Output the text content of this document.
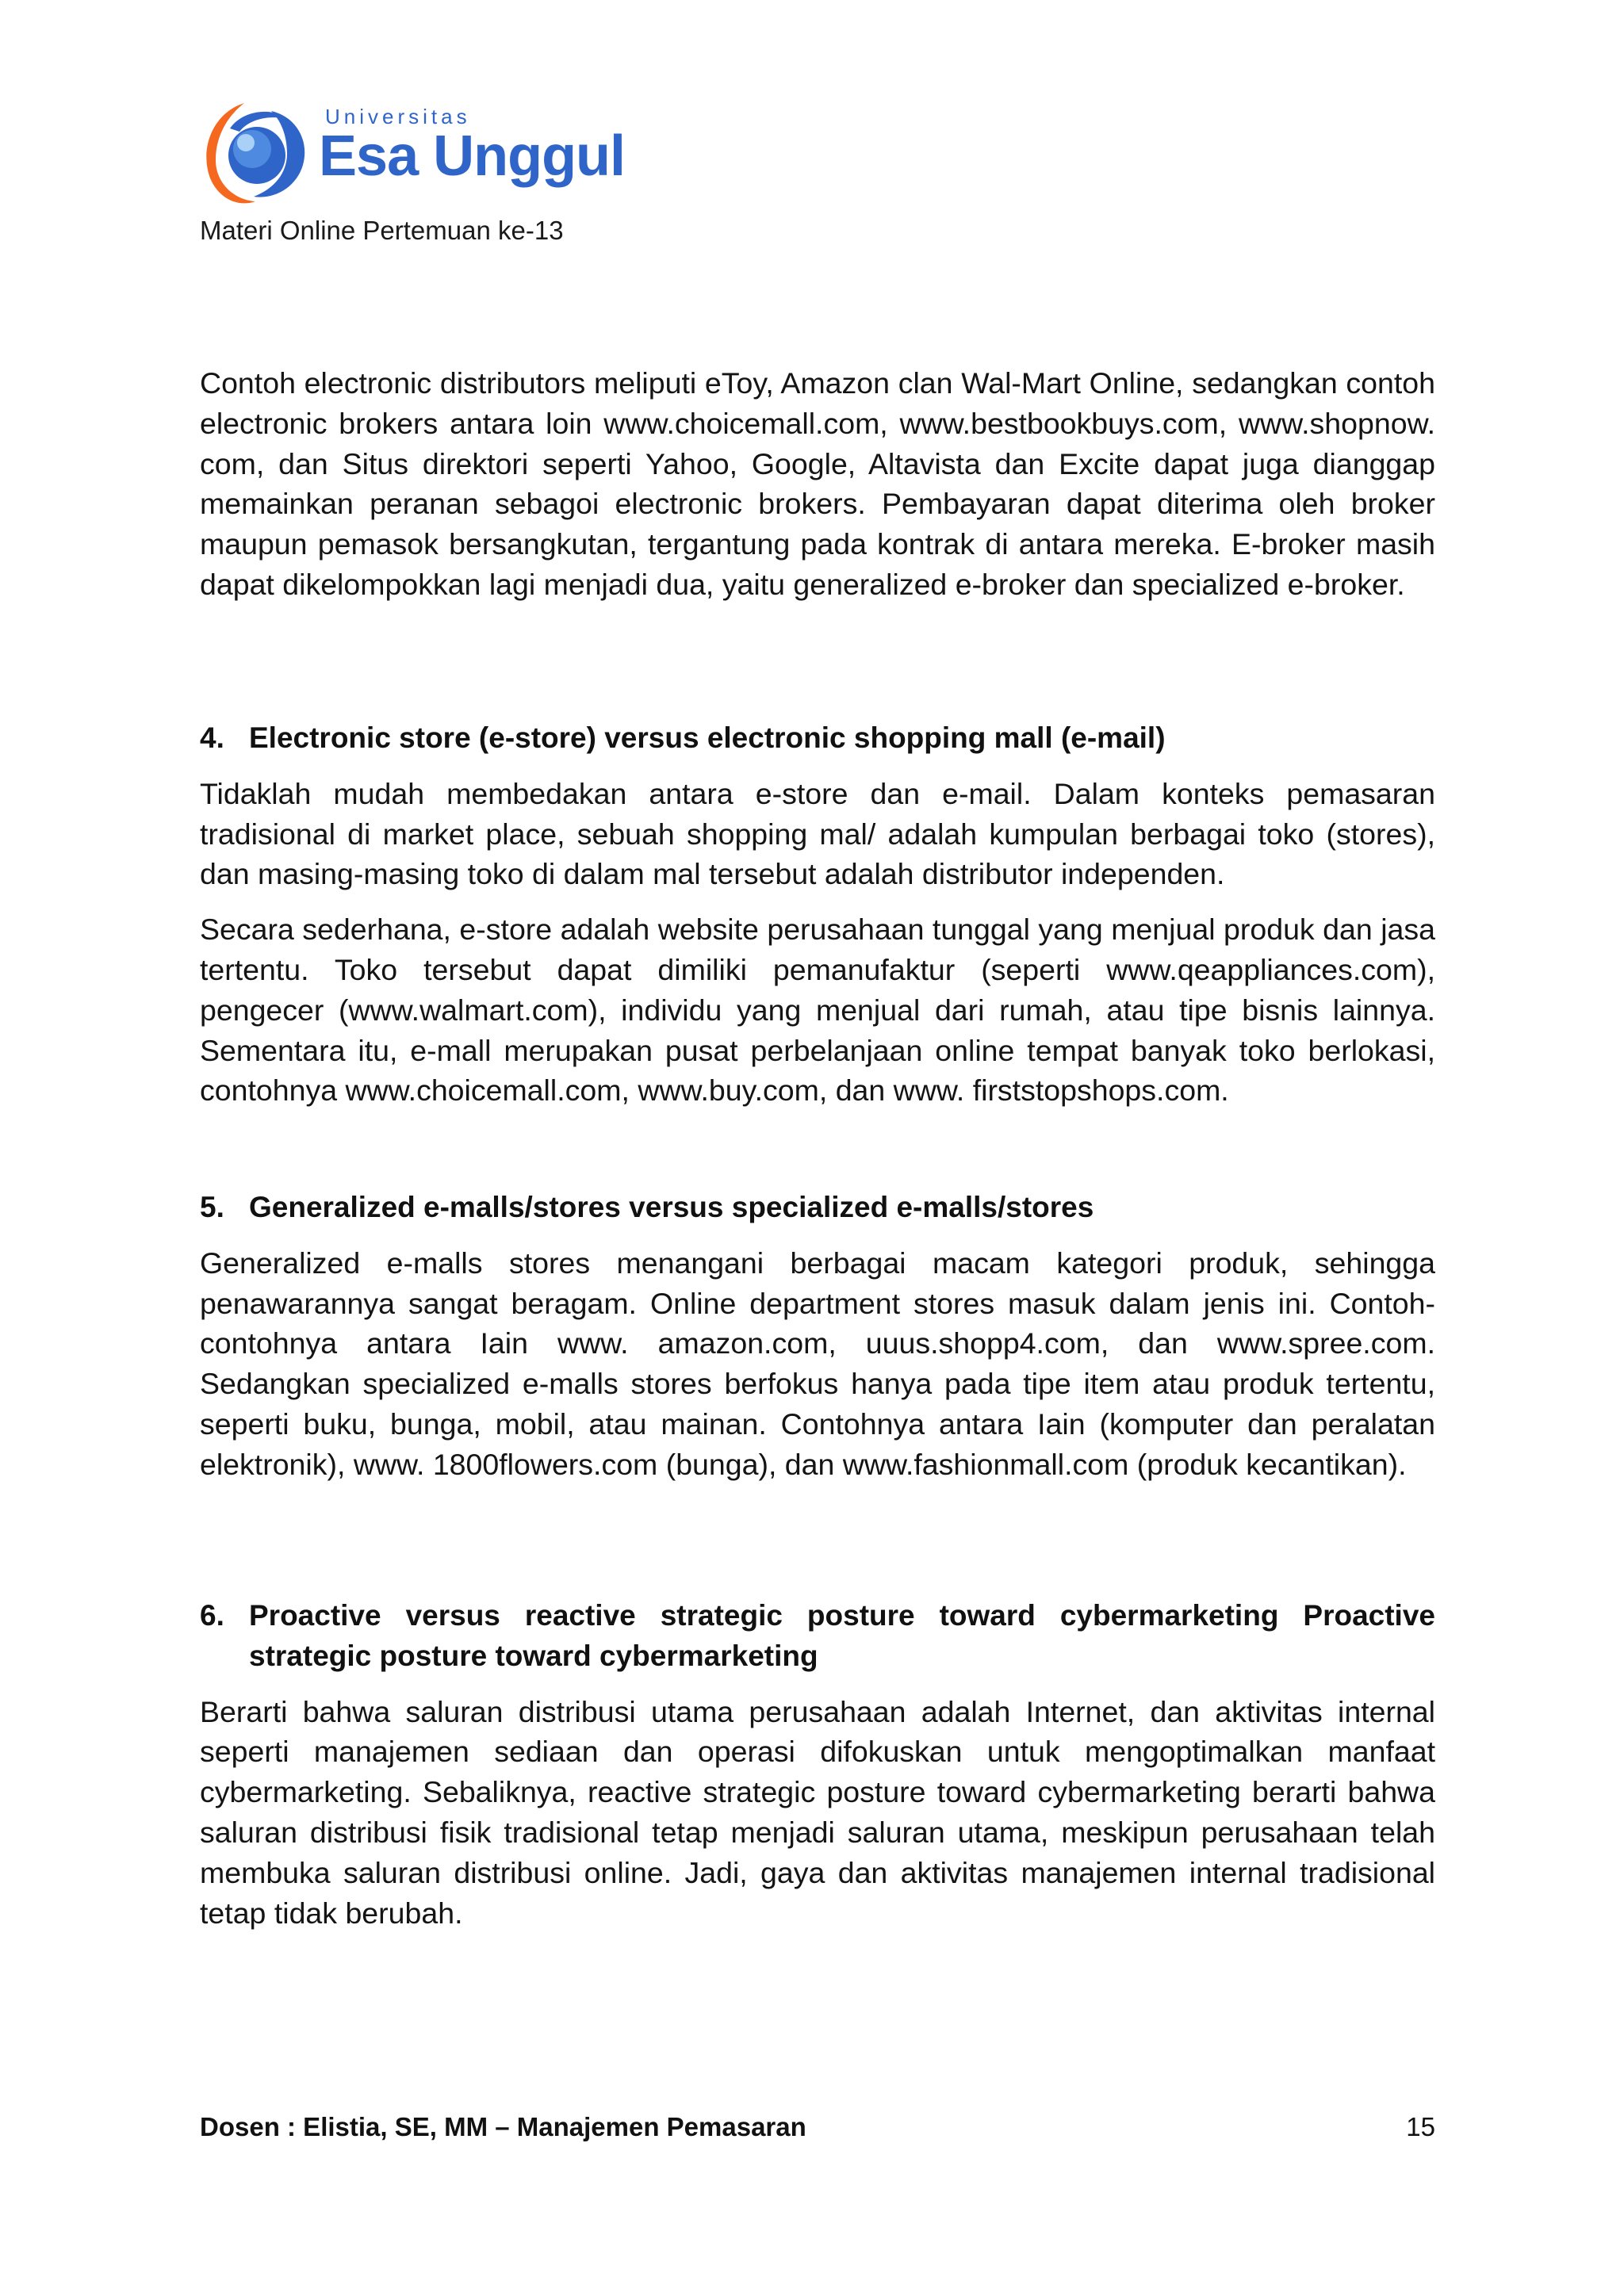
Universitas
Esa Unggul
Materi Online Pertemuan ke-13

Contoh electronic distributors meliputi eToy, Amazon clan Wal-Mart Online, sedangkan contoh electronic brokers antara loin www.choicemall.com, www.bestbookbuys.com, www.shopnow. com, dan Situs direktori seperti Yahoo, Google, Altavista dan Excite dapat juga dianggap memainkan peranan sebagoi electronic brokers. Pembayaran dapat diterima oleh broker maupun pemasok bersangkutan, tergantung pada kontrak di antara mereka. E-broker masih dapat dikelompokkan lagi menjadi dua, yaitu generalized e-broker dan specialized e-broker.

4. Electronic store (e-store) versus electronic shopping mall (e-mail)

Tidaklah mudah membedakan antara e-store dan e-mail. Dalam konteks pemasaran tradisional di market place, sebuah shopping mal/ adalah kumpulan berbagai toko (stores), dan masing-masing toko di dalam mal tersebut adalah distributor independen.

Secara sederhana, e-store adalah website perusahaan tunggal yang menjual produk dan jasa tertentu. Toko tersebut dapat dimiliki pemanufaktur (seperti www.qeappliances.com), pengecer (www.walmart.com), individu yang menjual dari rumah, atau tipe bisnis lainnya. Sementara itu, e-mall merupakan pusat perbelanjaan online tempat banyak toko berlokasi, contohnya www.choicemall.com, www.buy.com, dan www. firststopshops.com.

5. Generalized e-malls/stores versus specialized e-malls/stores

Generalized e-malls stores menangani berbagai macam kategori produk, sehingga penawarannya sangat beragam. Online department stores masuk dalam jenis ini. Contoh-contohnya antara Iain www. amazon.com, uuus.shopp4.com, dan www.spree.com. Sedangkan specialized e-malls stores berfokus hanya pada tipe item atau produk tertentu, seperti buku, bunga, mobil, atau mainan. Contohnya antara Iain (komputer dan peralatan elektronik), www. 1800flowers.com (bunga), dan www.fashionmall.com (produk kecantikan).

6. Proactive versus reactive strategic posture toward cybermarketing Proactive strategic posture toward cybermarketing

Berarti bahwa saluran distribusi utama perusahaan adalah Internet, dan aktivitas internal seperti manajemen sediaan dan operasi difokuskan untuk mengoptimalkan manfaat cybermarketing. Sebaliknya, reactive strategic posture toward cybermarketing berarti bahwa saluran distribusi fisik tradisional tetap menjadi saluran utama, meskipun perusahaan telah membuka saluran distribusi online. Jadi, gaya dan aktivitas manajemen internal tradisional tetap tidak berubah.

Dosen : Elistia, SE, MM – Manajemen Pemasaran	15
